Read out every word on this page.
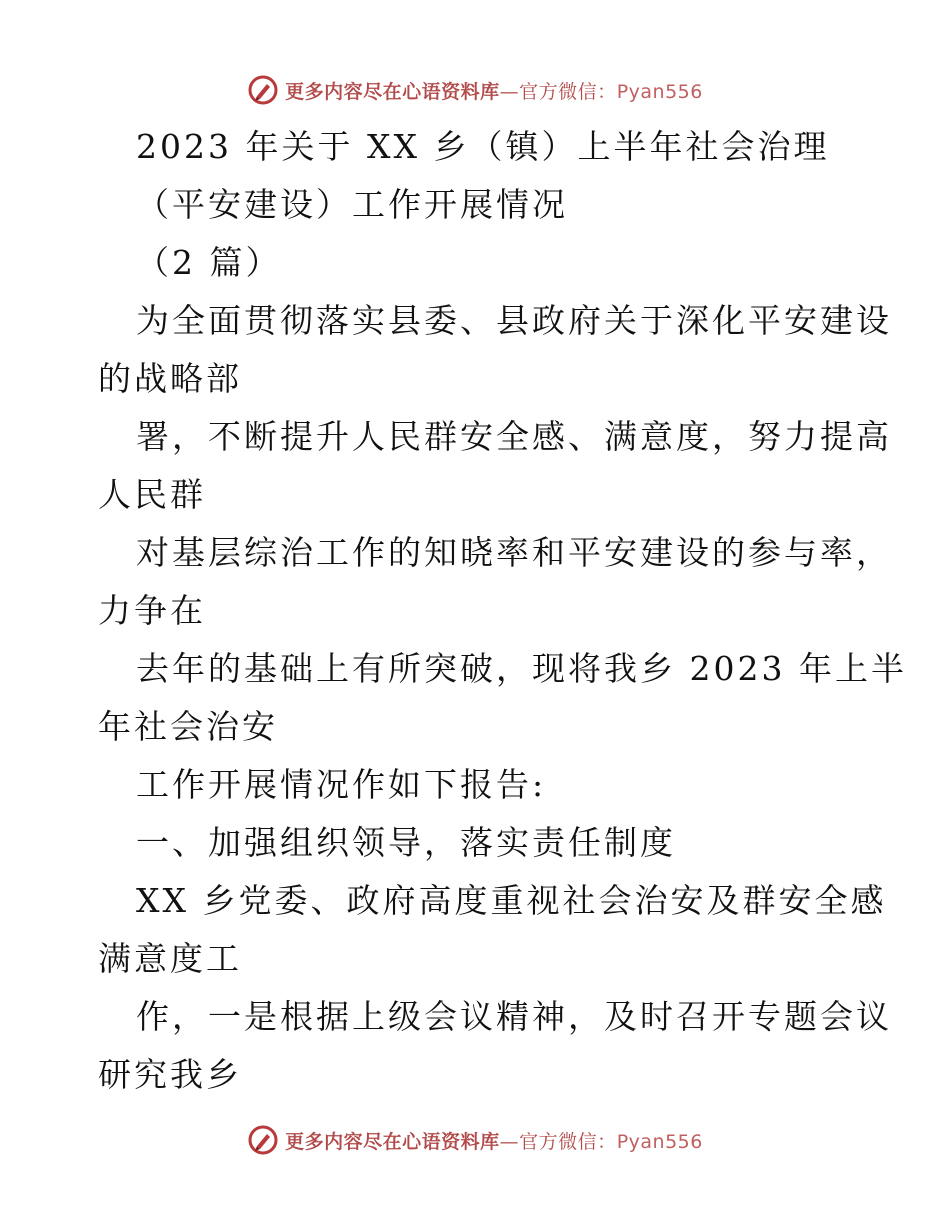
更多内容尽在心语资料库—官方微信：Pyan556
2023 年关于 XX 乡（镇）上半年社会治理
（平安建设）工作开展情况
（2 篇）
为全面贯彻落实县委、县政府关于深化平安建设
的战略部
署，不断提升人民群安全感、满意度，努力提高
人民群
对基层综治工作的知晓率和平安建设的参与率，
力争在
去年的基础上有所突破，现将我乡 2023 年上半
年社会治安
工作开展情况作如下报告:
一、加强组织领导，落实责任制度
XX 乡党委、政府高度重视社会治安及群安全感
满意度工
作，一是根据上级会议精神，及时召开专题会议
研究我乡
更多内容尽在心语资料库—官方微信：Pyan556
